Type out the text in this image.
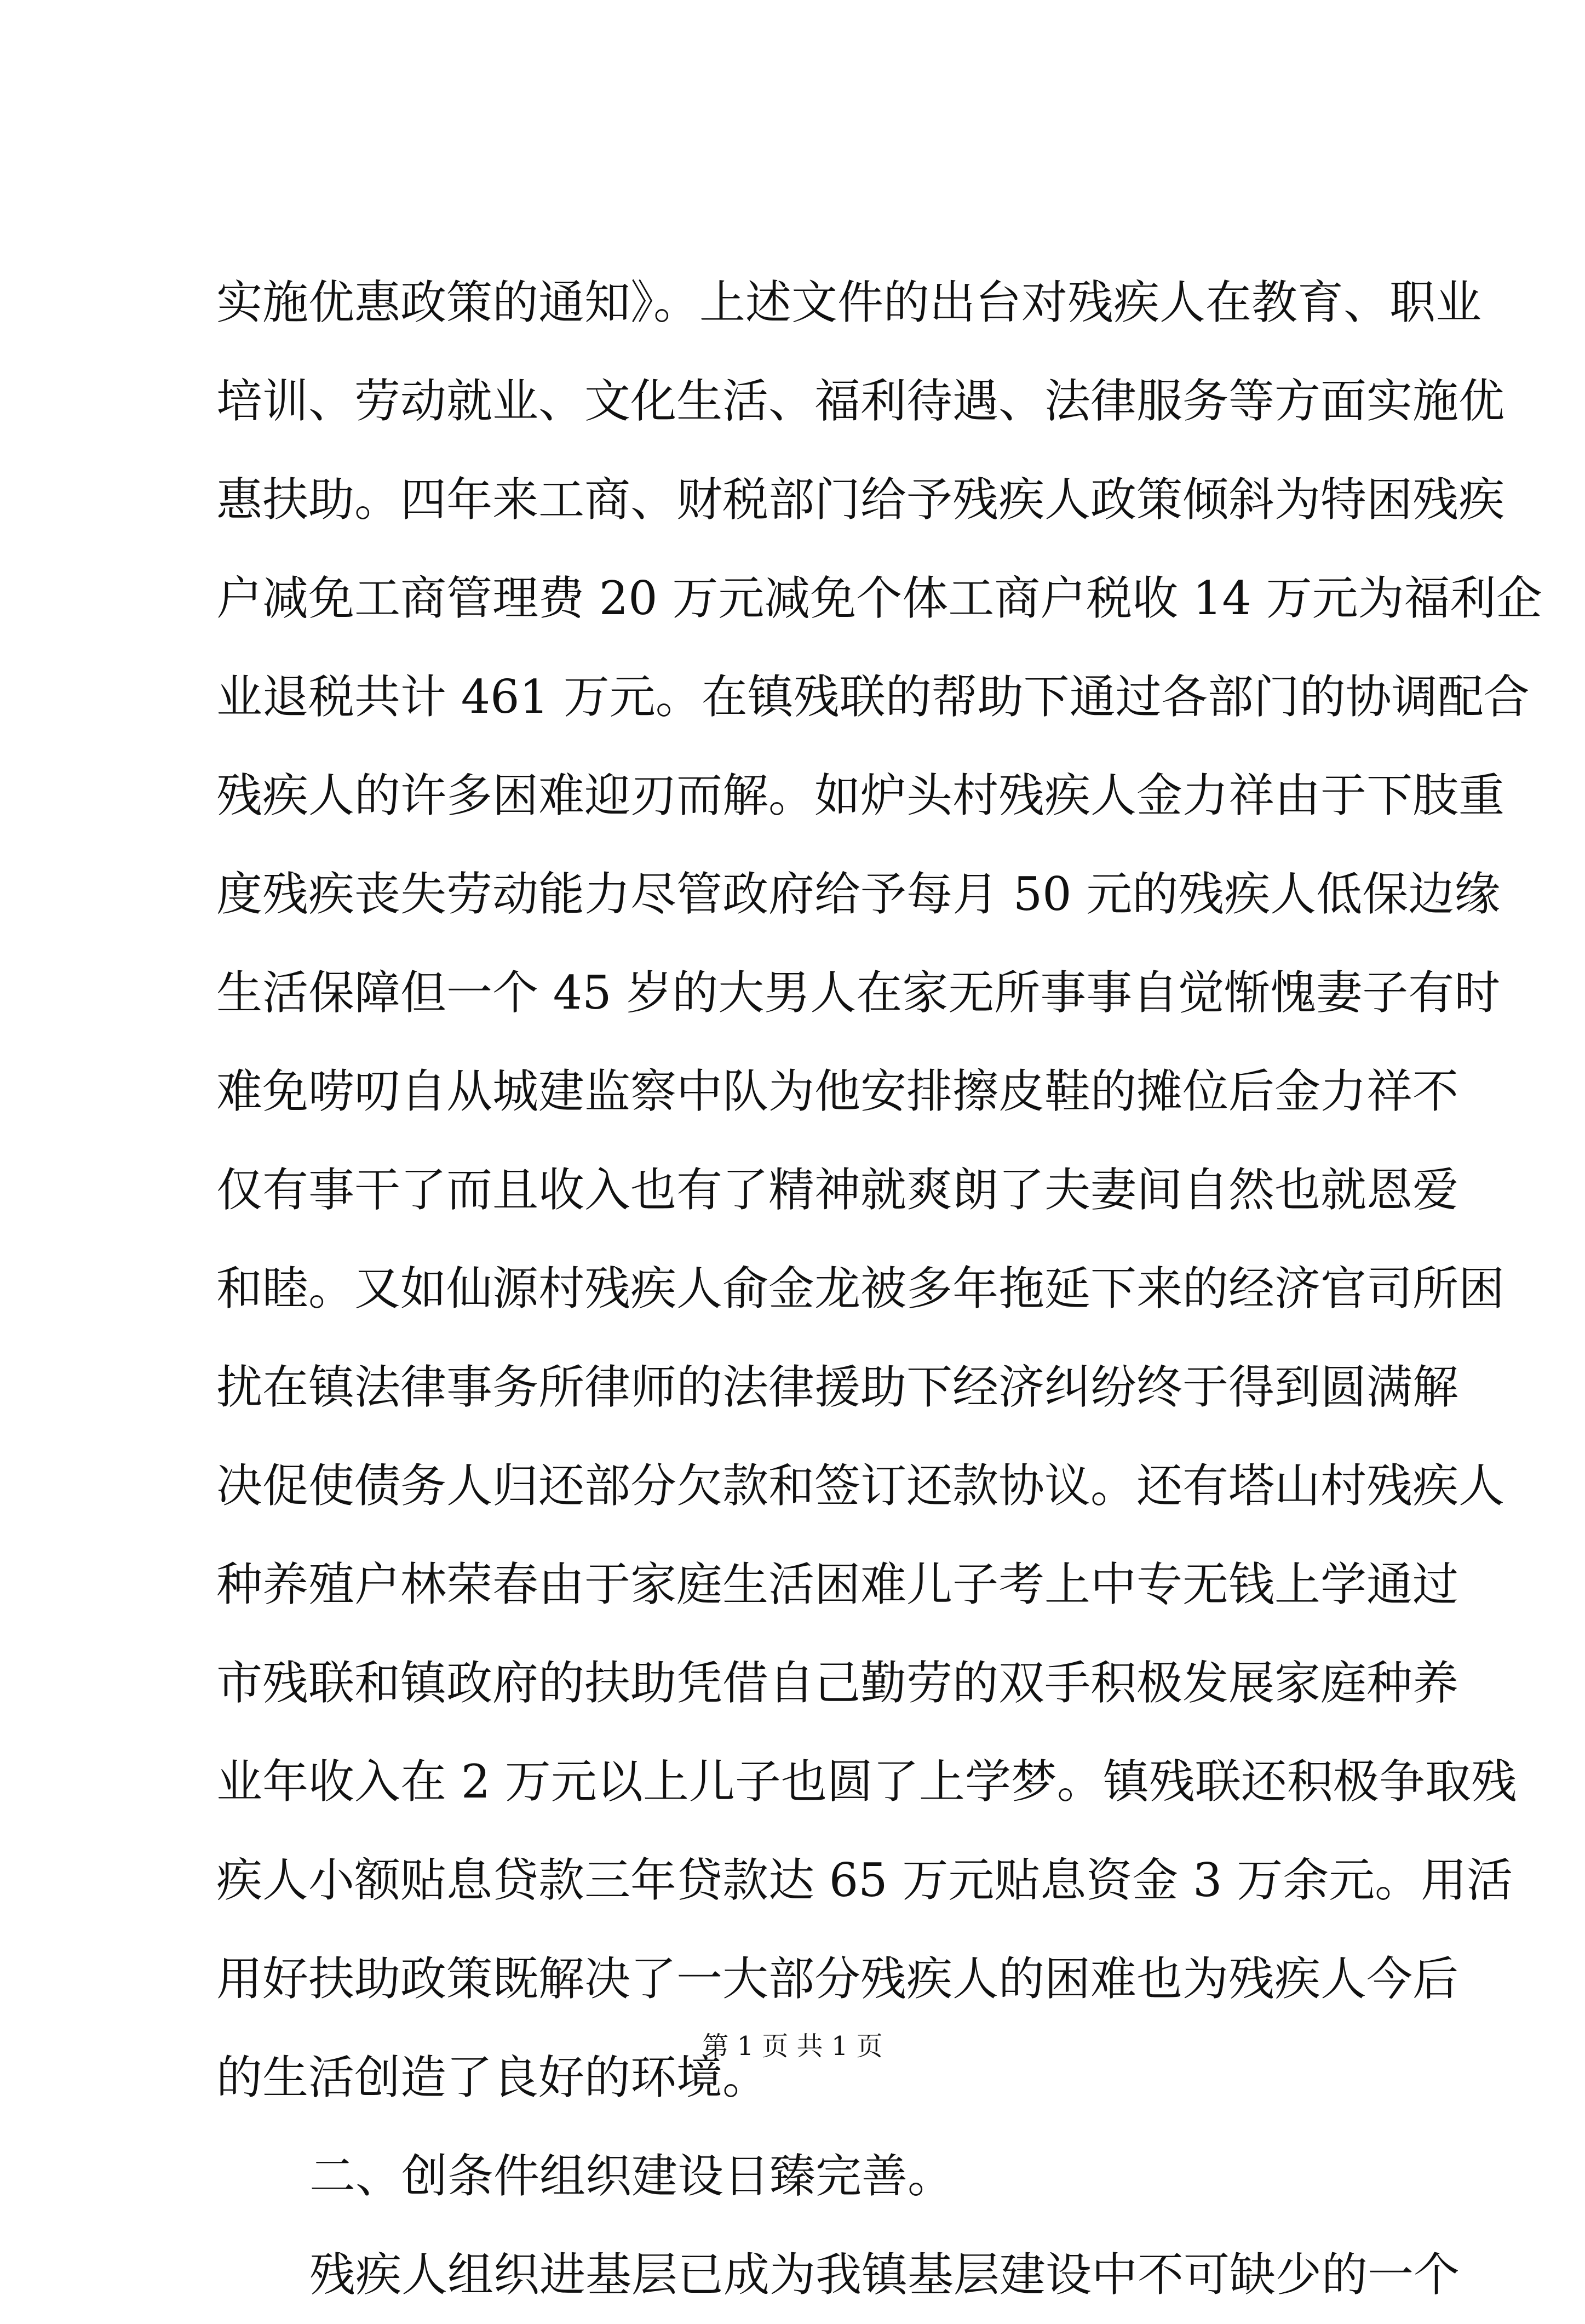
实施优惠政策的通知》。上述文件的出台对残疾人在教育、职业
培训、劳动就业、文化生活、福利待遇、法律服务等方面实施优
惠扶助。四年来工商、财税部门给予残疾人政策倾斜为特困残疾
户减免工商管理费 20 万元减免个体工商户税收 14 万元为福利企
业退税共计 461 万元。在镇残联的帮助下通过各部门的协调配合
残疾人的许多困难迎刃而解。如炉头村残疾人金力祥由于下肢重
度残疾丧失劳动能力尽管政府给予每月 50 元的残疾人低保边缘
生活保障但一个 45 岁的大男人在家无所事事自觉惭愧妻子有时
难免唠叨自从城建监察中队为他安排擦皮鞋的摊位后金力祥不
仅有事干了而且收入也有了精神就爽朗了夫妻间自然也就恩爱
和睦。又如仙源村残疾人俞金龙被多年拖延下来的经济官司所困
扰在镇法律事务所律师的法律援助下经济纠纷终于得到圆满解
决促使债务人归还部分欠款和签订还款协议。还有塔山村残疾人
种养殖户林荣春由于家庭生活困难儿子考上中专无钱上学通过
市残联和镇政府的扶助凭借自己勤劳的双手积极发展家庭种养
业年收入在 2 万元以上儿子也圆了上学梦。镇残联还积极争取残
疾人小额贴息贷款三年贷款达 65 万元贴息资金 3 万余元。用活
用好扶助政策既解决了一大部分残疾人的困难也为残疾人今后
的生活创造了良好的环境。
二、创条件组织建设日臻完善。
残疾人组织进基层已成为我镇基层建设中不可缺少的一个
第 1 页 共 1 页
